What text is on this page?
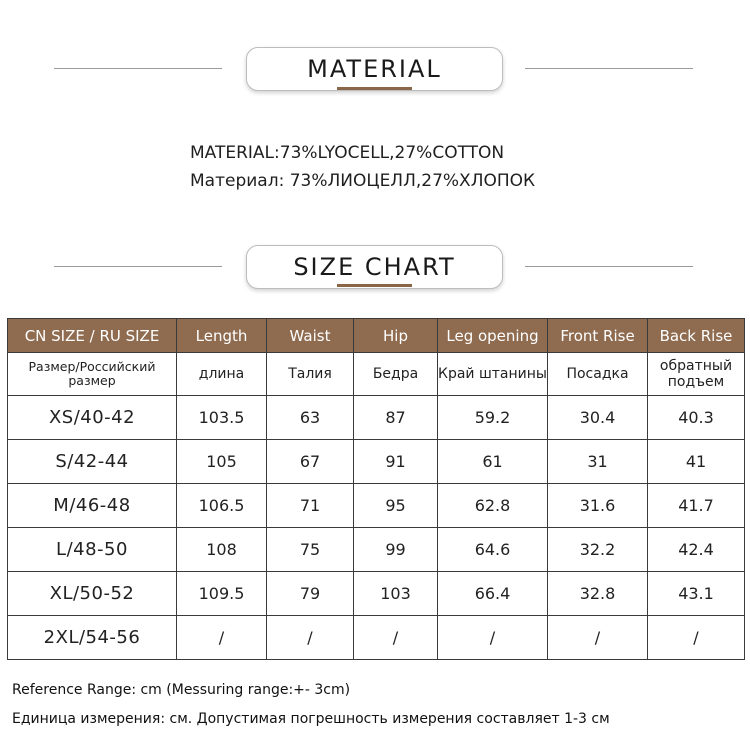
MATERIAL
MATERIAL:73%LYOCELL,27%COTTON
Материал: 73%ЛИОЦЕЛЛ,27%ХЛОПОК
SIZE CHART
CN SIZE / RU SIZE	Length	Waist	Hip	Leg opening	Front Rise	Back Rise
Размер/Российский размер	длина	Талия	Бедра	Край штанины	Посадка	обратный подъем
XS/40-42	103.5	63	87	59.2	30.4	40.3
S/42-44	105	67	91	61	31	41
M/46-48	106.5	71	95	62.8	31.6	41.7
L/48-50	108	75	99	64.6	32.2	42.4
XL/50-52	109.5	79	103	66.4	32.8	43.1
2XL/54-56	/	/	/	/	/	/
Reference Range: cm (Messuring range:+- 3cm)
Единица измерения: см. Допустимая погрешность измерения составляет 1-3 см
